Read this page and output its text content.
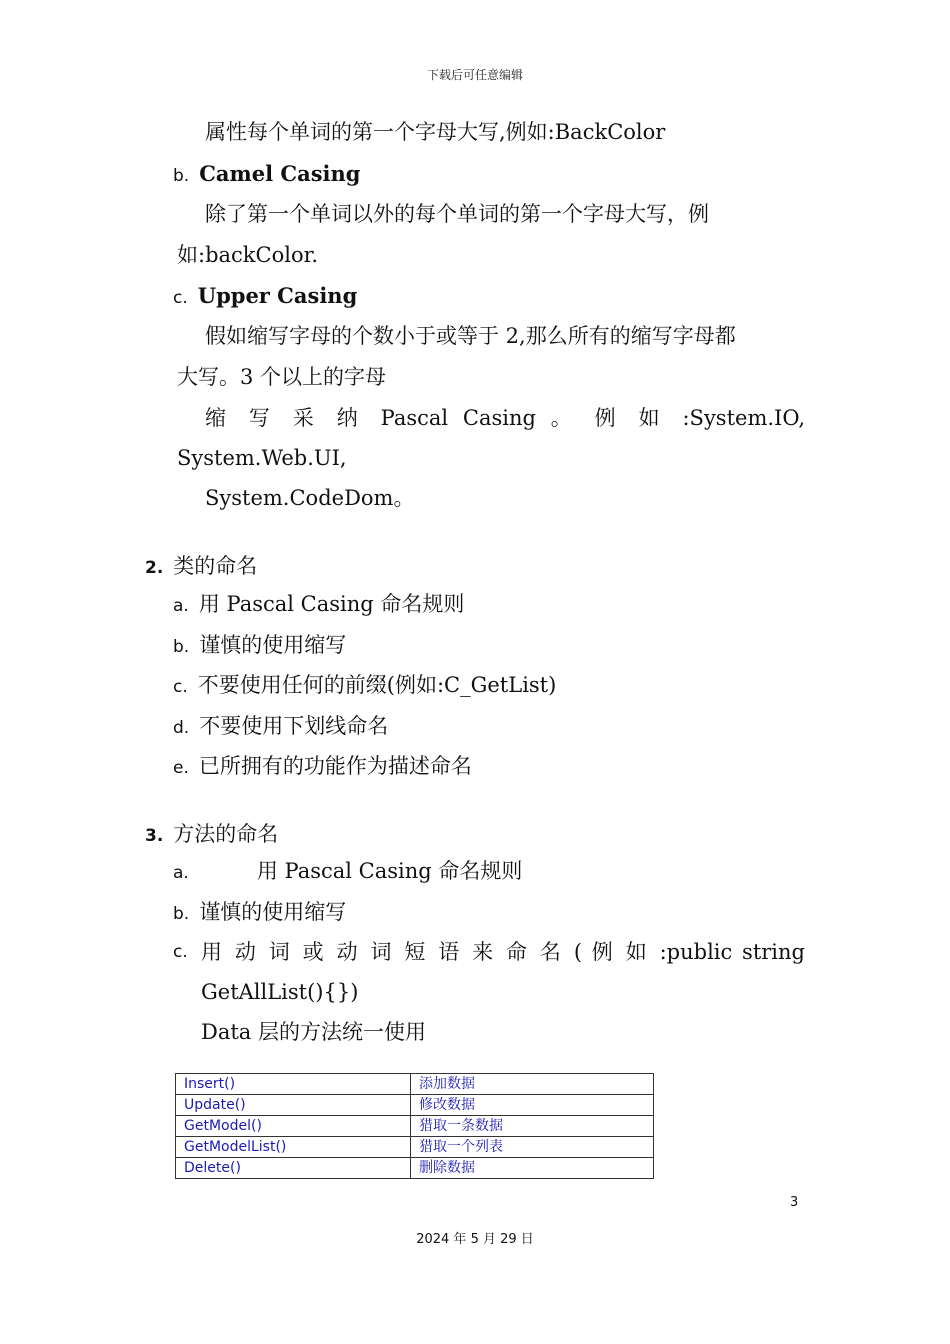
下载后可任意编辑
属性每个单词的第一个字母大写,例如:BackColor
b. Camel Casing
除了第一个单词以外的每个单词的第一个字母大写，例
如:backColor.
c. Upper Casing
假如缩写字母的个数小于或等于 2,那么所有的缩写字母都
大写。3 个以上的字母
缩 写 采 纳 Pascal Casing 。 例 如 :System.IO,
System.Web.UI,
System.CodeDom。
2. 类的命名
a. 用 Pascal Casing 命名规则
b. 谨慎的使用缩写
c. 不要使用任何的前缀(例如:C_GetList)
d. 不要使用下划线命名
e. 已所拥有的功能作为描述命名
3. 方法的命名
a.	用 Pascal Casing 命名规则
b. 谨慎的使用缩写
c. 用 动 词 或 动 词 短 语 来 命 名 ( 例 如 :public string
GetAllList(){})
Data 层的方法统一使用
Insert()	添加数据
Update()	修改数据
GetModel()	猎取一条数据
GetModelList()	猎取一个列表
Delete()	删除数据
3
2024 年 5 月 29 日
